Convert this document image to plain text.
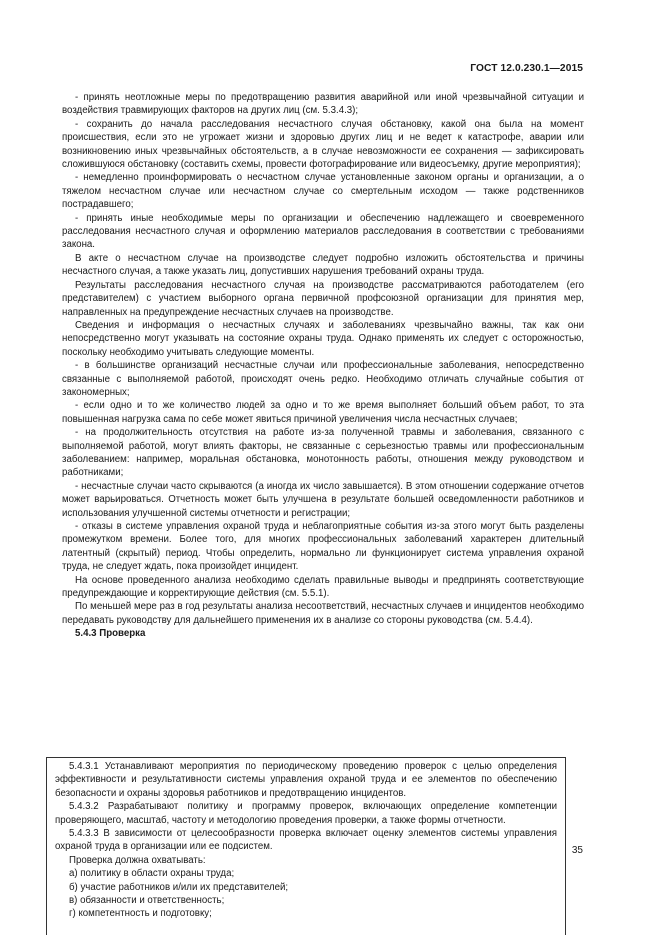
ГОСТ 12.0.230.1—2015

- принять неотложные меры по предотвращению развития аварийной или иной чрезвычайной ситуации и воздействия травмирующих факторов на других лиц (см. 5.3.4.3);

- сохранить до начала расследования несчастного случая обстановку, какой она была на момент происшествия, если это не угрожает жизни и здоровью других лиц и не ведет к катастрофе, аварии или возникновению иных чрезвычайных обстоятельств, а в случае невозможности ее сохранения — зафиксировать сложившуюся обстановку (составить схемы, провести фотографирование или видеосъемку, другие мероприятия);

- немедленно проинформировать о несчастном случае установленные законом органы и организации, а о тяжелом несчастном случае или несчастном случае со смертельным исходом — также родственников пострадавшего;

- принять иные необходимые меры по организации и обеспечению надлежащего и своевременного расследования несчастного случая и оформлению материалов расследования в соответствии с требованиями закона.

В акте о несчастном случае на производстве следует подробно изложить обстоятельства и причины несчастного случая, а также указать лиц, допустивших нарушения требований охраны труда.

Результаты расследования несчастного случая на производстве рассматриваются работодателем (его представителем) с участием выборного органа первичной профсоюзной организации для принятия мер, направленных на предупреждение несчастных случаев на производстве.

Сведения и информация о несчастных случаях и заболеваниях чрезвычайно важны, так как они непосредственно могут указывать на состояние охраны труда. Однако применять их следует с осторожностью, поскольку необходимо учитывать следующие моменты.

- в большинстве организаций несчастные случаи или профессиональные заболевания, непосредственно связанные с выполняемой работой, происходят очень редко. Необходимо отличать случайные события от закономерных;

- если одно и то же количество людей за одно и то же время выполняет больший объем работ, то эта повышенная нагрузка сама по себе может явиться причиной увеличения числа несчастных случаев;

- на продолжительность отсутствия на работе из-за полученной травмы и заболевания, связанного с выполняемой работой, могут влиять факторы, не связанные с серьезностью травмы или профессиональным заболеванием: например, моральная обстановка, монотонность работы, отношения между руководством и работниками;

- несчастные случаи часто скрываются (а иногда их число завышается). В этом отношении содержание отчетов может варьироваться. Отчетность может быть улучшена в результате большей осведомленности работников и использования улучшенной системы отчетности и регистрации;

- отказы в системе управления охраной труда и неблагоприятные события из-за этого могут быть разделены промежутком времени. Более того, для многих профессиональных заболеваний характерен длительный латентный (скрытый) период. Чтобы определить, нормально ли функционирует система управления охраной труда, не следует ждать, пока произойдет инцидент.

На основе проведенного анализа необходимо сделать правильные выводы и предпринять соответствующие предупреждающие и корректирующие действия (см. 5.5.1).

По меньшей мере раз в год результаты анализа несоответствий, несчастных случаев и инцидентов необходимо передавать руководству для дальнейшего применения их в анализе со стороны руководства (см. 5.4.4).

5.4.3 Проверка

5.4.3.1 Устанавливают мероприятия по периодическому проведению проверок с целью определения эффективности и результативности системы управления охраной труда и ее элементов по обеспечению безопасности и охраны здоровья работников и предотвращению инцидентов.

5.4.3.2 Разрабатывают политику и программу проверок, включающих определение компетенции проверяющего, масштаб, частоту и методологию проведения проверки, а также формы отчетности.

5.4.3.3 В зависимости от целесообразности проверка включает оценку элементов системы управления охраной труда в организации или ее подсистем.

Проверка должна охватывать:

а) политику в области охраны труда;

б) участие работников и/или их представителей;

в) обязанности и ответственность;

г) компетентность и подготовку;

35
